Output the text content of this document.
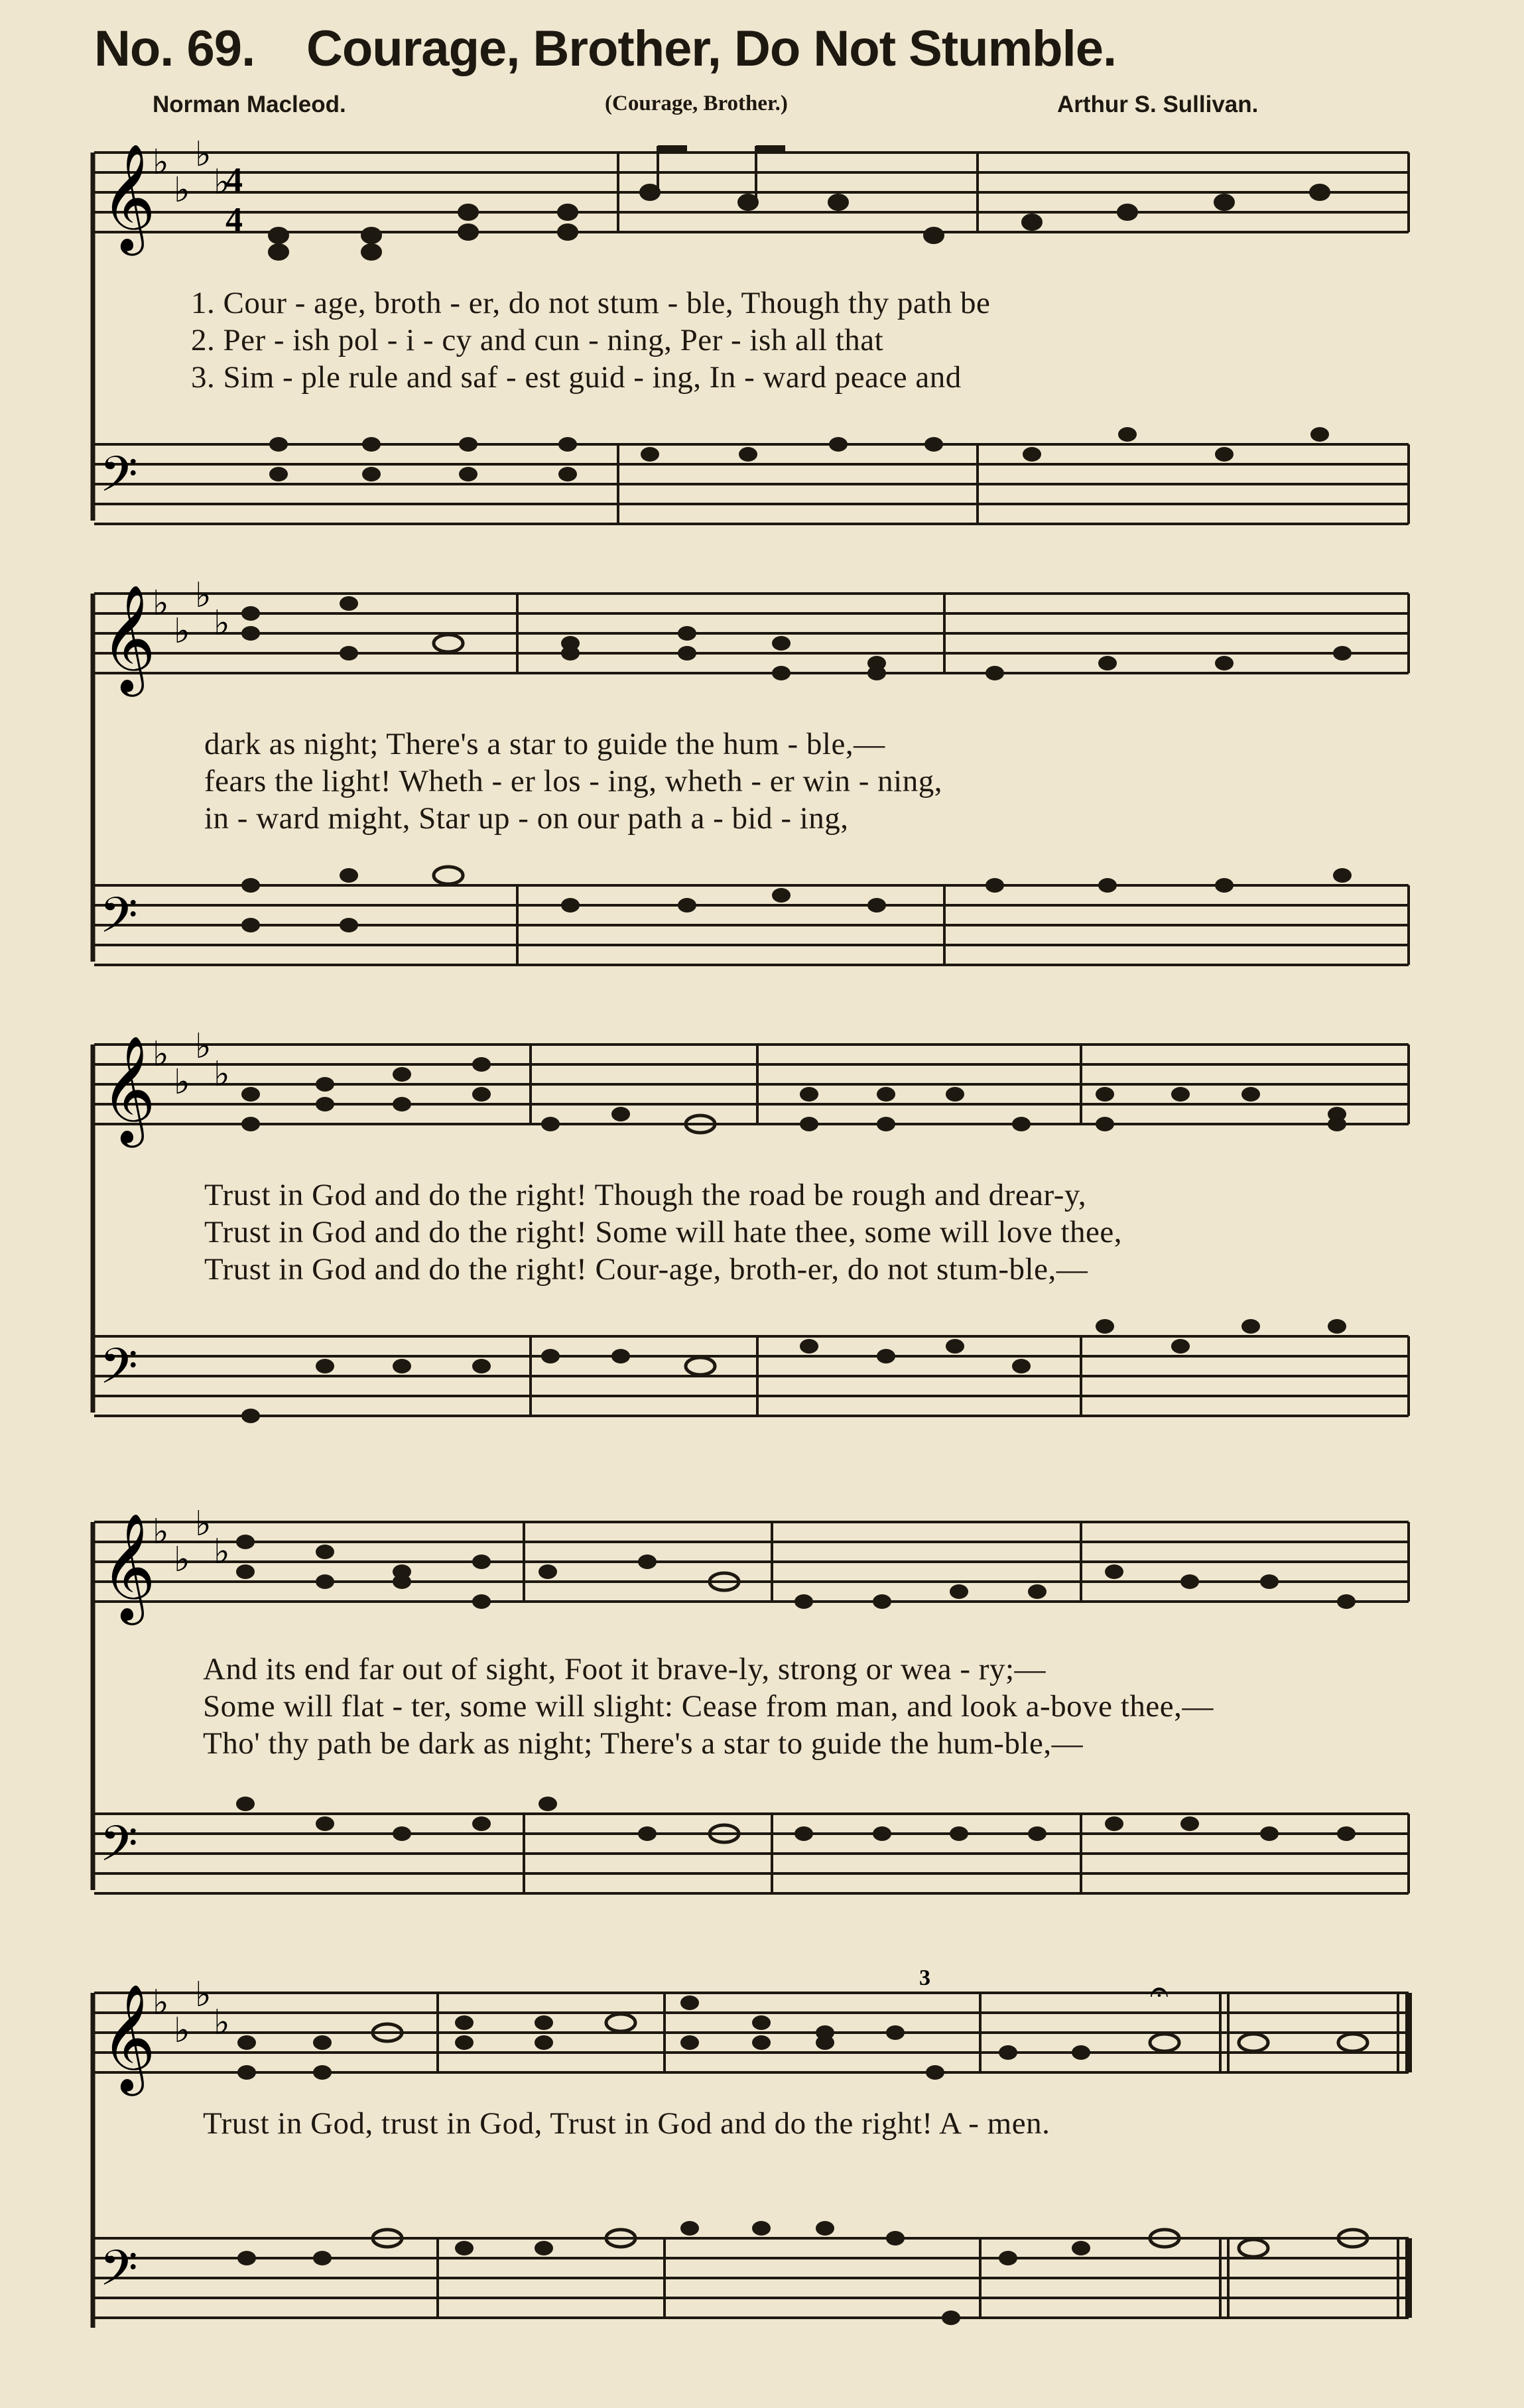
No. 69. Courage, Brother, Do Not Stumble.
Norman Macleod.	(Courage, Brother.)	Arthur S. Sullivan.
𝄞
♭
♭
♭
♭
4
4
𝄢
1. Cour - age, broth - er, do not stum - ble, Though thy path be
2. Per - ish pol - i - cy and cun - ning, Per - ish all that
3. Sim - ple rule and saf - est guid - ing, In - ward peace and
𝄞
♭
♭
♭
♭
𝄢
dark as night; There's a star to guide the hum - ble,—
fears the light! Wheth - er los - ing, wheth - er win - ning,
in - ward might, Star up - on our path a - bid - ing,
𝄞
♭
♭
♭
♭
𝄢
Trust in God and do the right! Though the road be rough and drear-y,
Trust in God and do the right! Some will hate thee, some will love thee,
Trust in God and do the right! Cour-age, broth-er, do not stum-ble,—
𝄞
♭
♭
♭
♭
𝄢
And its end far out of sight, Foot it brave-ly, strong or wea - ry;—
Some will flat - ter, some will slight: Cease from man, and look a-bove thee,—
Tho' thy path be dark as night; There's a star to guide the hum-ble,—
𝄞
♭
♭
♭
♭
3	𝄐
𝄢
Trust in God, trust in God, Trust in God and do the right! A - men.
